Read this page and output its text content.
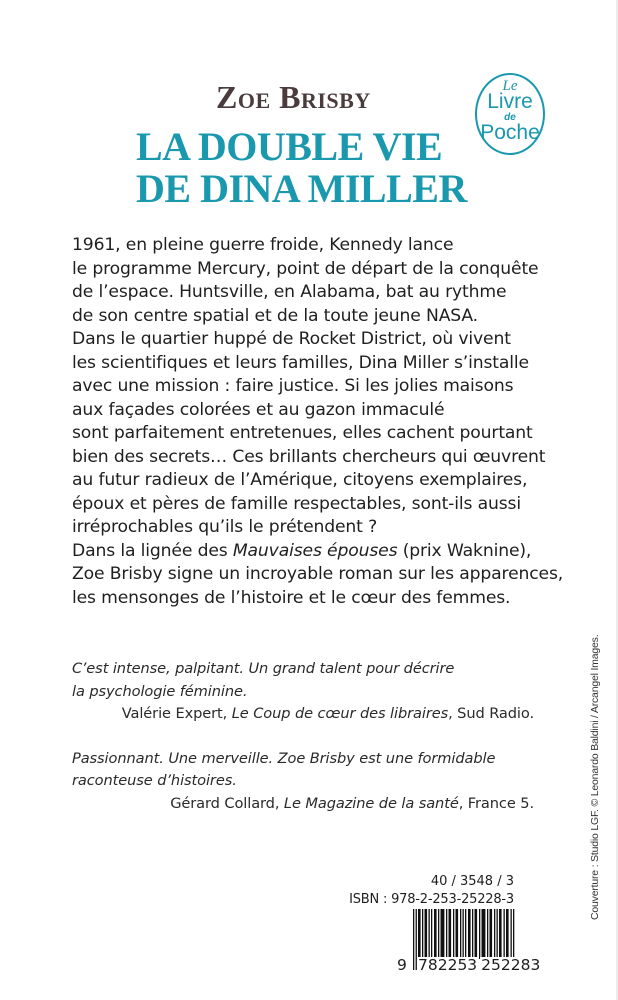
Zoe Brisby
LA DOUBLE VIE
DE DINA MILLER
Le
Livre
de
Poche
1961, en pleine guerre froide, Kennedy lance
le programme Mercury, point de départ de la conquête
de l’espace. Huntsville, en Alabama, bat au rythme
de son centre spatial et de la toute jeune NASA.
Dans le quartier huppé de Rocket District, où vivent
les scientifiques et leurs familles, Dina Miller s’installe
avec une mission : faire justice. Si les jolies maisons
aux façades colorées et au gazon immaculé
sont parfaitement entretenues, elles cachent pourtant
bien des secrets… Ces brillants chercheurs qui œuvrent
au futur radieux de l’Amérique, citoyens exemplaires,
époux et pères de famille respectables, sont-ils aussi
irréprochables qu’ils le prétendent ?
Dans la lignée des Mauvaises épouses (prix Waknine),
Zoe Brisby signe un incroyable roman sur les apparences,
les mensonges de l’histoire et le cœur des femmes.
C’est intense, palpitant. Un grand talent pour décrire
la psychologie féminine.
Valérie Expert, Le Coup de cœur des libraires, Sud Radio.
Passionnant. Une merveille. Zoe Brisby est une formidable
raconteuse d’histoires.
Gérard Collard, Le Magazine de la santé, France 5.	Couverture : Studio LGF. © Leonardo Baldini / Arcangel Images.
40 / 3548 / 3
ISBN : 978-2-253-25228-3
9 782253 252283
